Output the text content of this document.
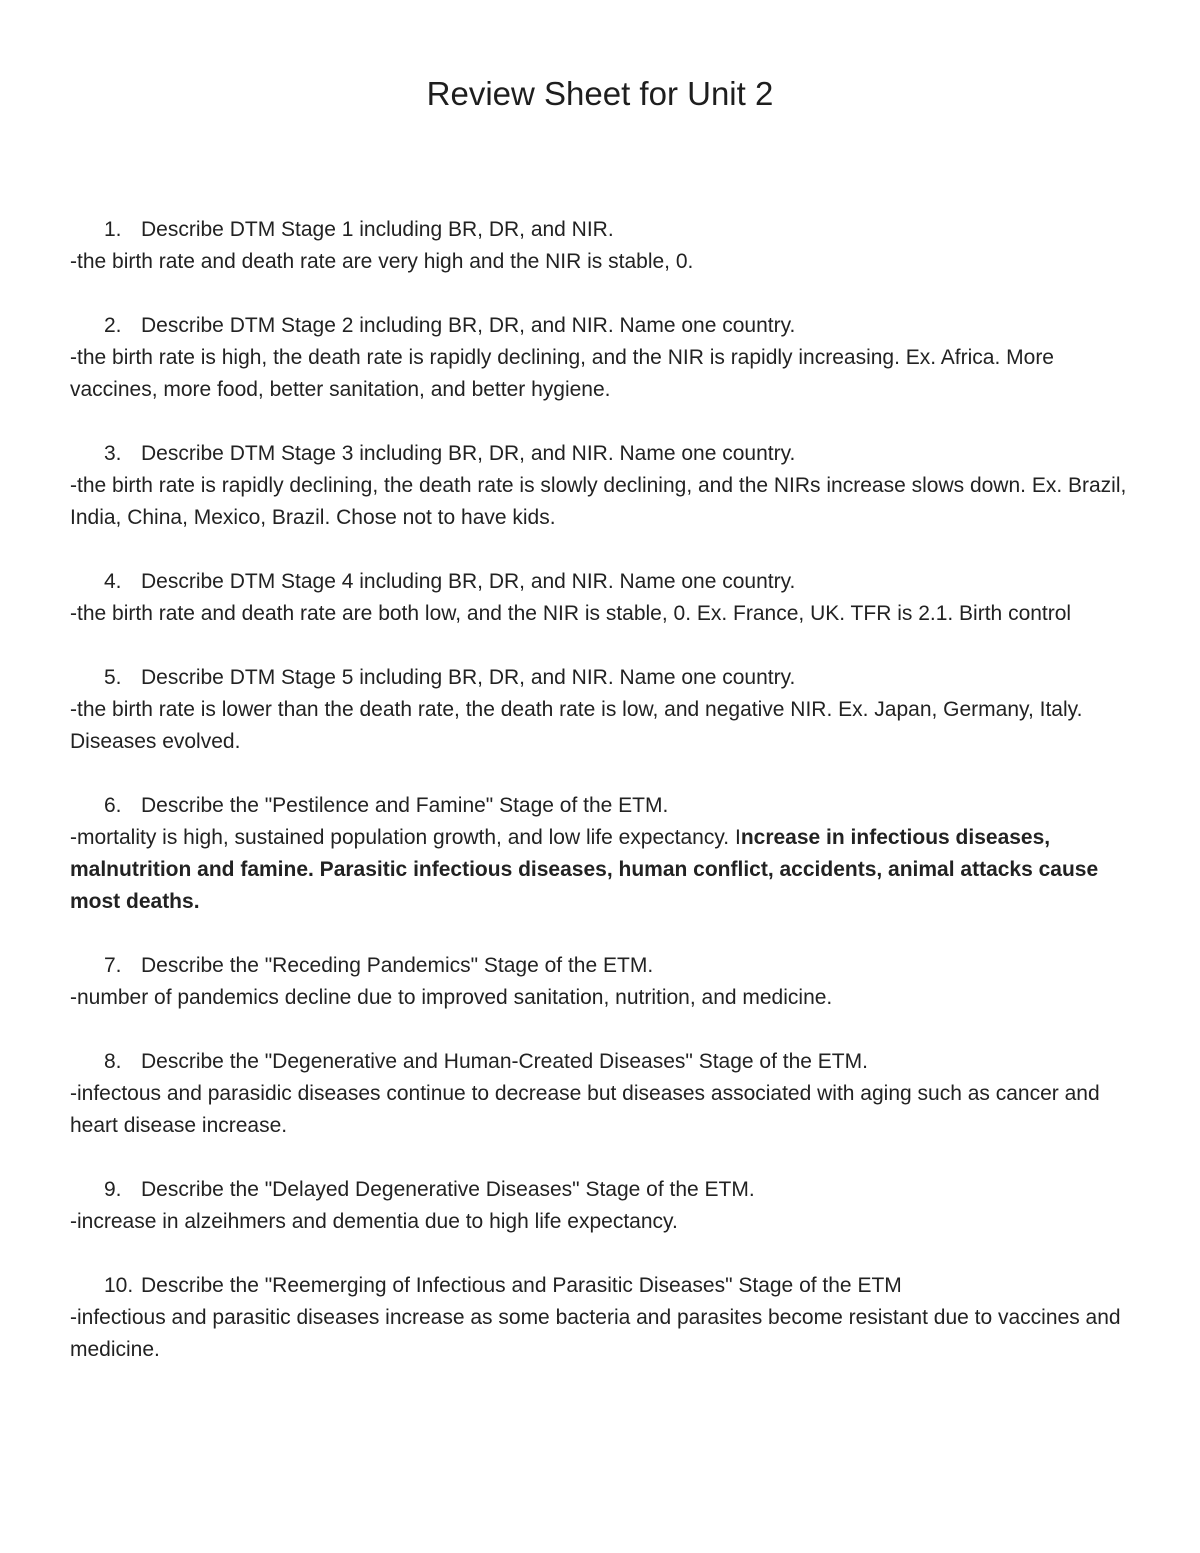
Review Sheet for Unit 2
1. Describe DTM Stage 1 including BR, DR, and NIR.
-the birth rate and death rate are very high and the NIR is stable, 0.
2. Describe DTM Stage 2 including BR, DR, and NIR. Name one country.
-the birth rate is high, the death rate is rapidly declining, and the NIR is rapidly increasing. Ex. Africa. More vaccines, more food, better sanitation, and better hygiene.
3. Describe DTM Stage 3 including BR, DR, and NIR. Name one country.
-the birth rate is rapidly declining, the death rate is slowly declining, and the NIRs increase slows down. Ex. Brazil, India, China, Mexico, Brazil. Chose not to have kids.
4. Describe DTM Stage 4 including BR, DR, and NIR. Name one country.
-the birth rate and death rate are both low, and the NIR is stable, 0. Ex. France, UK. TFR is 2.1. Birth control
5. Describe DTM Stage 5 including BR, DR, and NIR. Name one country.
-the birth rate is lower than the death rate, the death rate is low, and negative NIR. Ex. Japan, Germany, Italy. Diseases evolved.
6. Describe the "Pestilence and Famine" Stage of the ETM.
-mortality is high, sustained population growth, and low life expectancy. Increase in infectious diseases, malnutrition and famine. Parasitic infectious diseases, human conflict, accidents, animal attacks cause most deaths.
7. Describe the "Receding Pandemics" Stage of the ETM.
-number of pandemics decline due to improved sanitation, nutrition, and medicine.
8. Describe the "Degenerative and Human-Created Diseases" Stage of the ETM.
-infectous and parasidic diseases continue to decrease but diseases associated with aging such as cancer and heart disease increase.
9. Describe the "Delayed Degenerative Diseases" Stage of the ETM.
-increase in alzeihmers and dementia due to high life expectancy.
10. Describe the "Reemerging of Infectious and Parasitic Diseases" Stage of the ETM
-infectious and parasitic diseases increase as some bacteria and parasites become resistant due to vaccines and medicine.
